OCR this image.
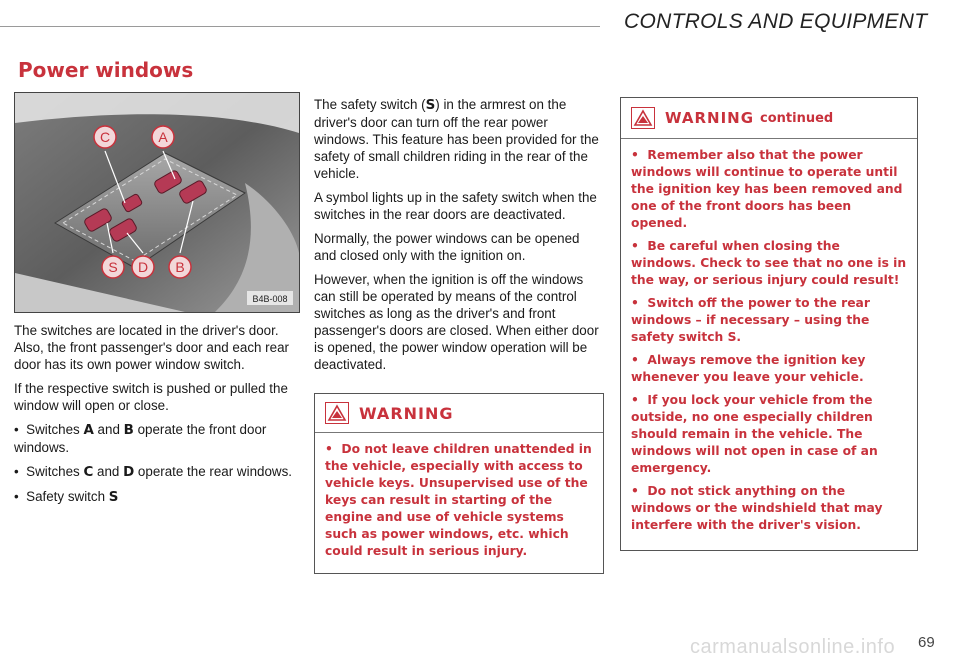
CONTROLS AND EQUIPMENT
Power windows
C	A
S D B
B4B-008

The switches are located in the driver's door. Also, the front passenger's door and each rear door has its own power window switch.

If the respective switch is pushed or pulled the window will open or close.

•  Switches A and B operate the front door windows.

•  Switches C and D operate the rear windows.

•  Safety switch S

The safety switch (S) in the armrest on the driver's door can turn off the rear power windows. This feature has been provided for the safety of small children riding in the rear of the vehicle.

A symbol lights up in the safety switch when the switches in the rear doors are deactivated.

Normally, the power windows can be opened and closed only with the ignition on.

However, when the ignition is off the windows can still be operated by means of the control switches as long as the driver's and front passenger's doors are closed. When either door is opened, the power window operation will be deactivated.

WARNING

•  Do not leave children unattended in the vehicle, especially with access to vehicle keys. Unsupervised use of the keys can result in starting of the engine and use of vehicle systems such as power windows, etc. which could result in serious injury.

WARNING continued

•  Remember also that the power windows will continue to operate until the ignition key has been removed and one of the front doors has been opened.

•  Be careful when closing the windows. Check to see that no one is in the way, or serious injury could result!

•  Switch off the power to the rear windows – if necessary – using the safety switch S.

•  Always remove the ignition key whenever you leave your vehicle.

•  If you lock your vehicle from the outside, no one especially children should remain in the vehicle. The windows will not open in case of an emergency.

•  Do not stick anything on the windows or the windshield that may interfere with the driver's vision.

carmanualsonline.info 69
